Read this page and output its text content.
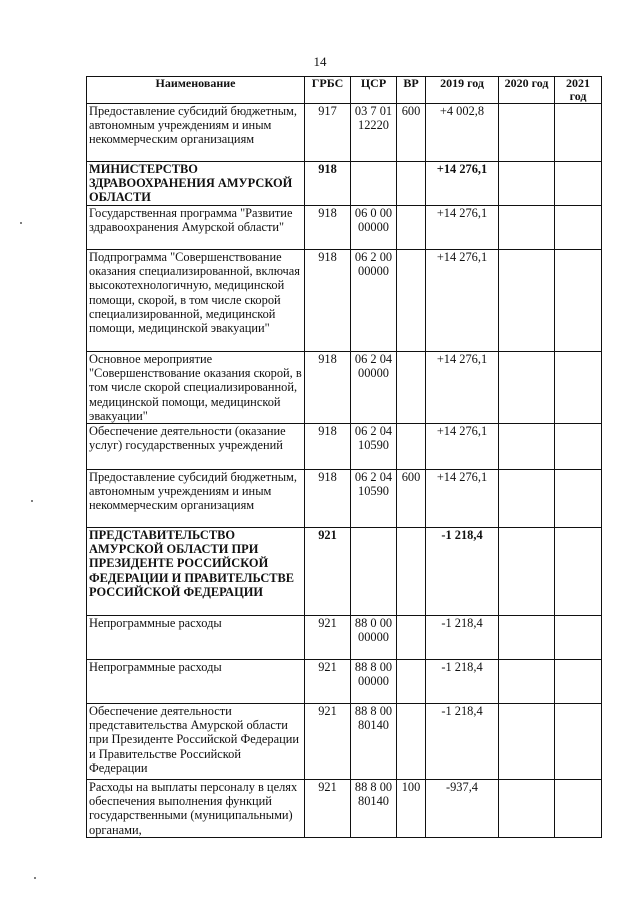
14
Наименование	ГРБС	ЦСР	ВР	2019 год	2020 год	2021 год
Предоставление субсидий бюджетным, автономным учреждениям и иным некоммерческим организациям	917	03 7 01 12220	600	+4 002,8		
МИНИСТЕРСТВО ЗДРАВООХРАНЕНИЯ АМУРСКОЙ ОБЛАСТИ	918			+14 276,1		
Государственная программа "Развитие здравоохранения Амурской области"	918	06 0 00 00000		+14 276,1		
Подпрограмма "Совершенствование оказания специализированной, включая высокотехнологичную, медицинской помощи, скорой, в том числе скорой специализированной, медицинской помощи, медицинской эвакуации"	918	06 2 00 00000		+14 276,1		
Основное мероприятие "Совершенствование оказания скорой, в том числе скорой специализированной, медицинской помощи, медицинской эвакуации"	918	06 2 04 00000		+14 276,1		
Обеспечение деятельности (оказание услуг) государственных учреждений	918	06 2 04 10590		+14 276,1		
Предоставление субсидий бюджетным, автономным учреждениям и иным некоммерческим организациям	918	06 2 04 10590	600	+14 276,1		
ПРЕДСТАВИТЕЛЬСТВО АМУРСКОЙ ОБЛАСТИ ПРИ ПРЕЗИДЕНТЕ РОССИЙСКОЙ ФЕДЕРАЦИИ И ПРАВИТЕЛЬСТВЕ РОССИЙСКОЙ ФЕДЕРАЦИИ	921			-1 218,4		
Непрограммные расходы	921	88 0 00 00000		-1 218,4		
Непрограммные расходы	921	88 8 00 00000		-1 218,4		
Обеспечение деятельности представительства Амурской области при Президенте Российской Федерации и Правительстве Российской Федерации	921	88 8 00 80140		-1 218,4		
Расходы на выплаты персоналу в целях обеспечения выполнения функций государственными (муниципальными) органами,	921	88 8 00 80140	100	-937,4		
